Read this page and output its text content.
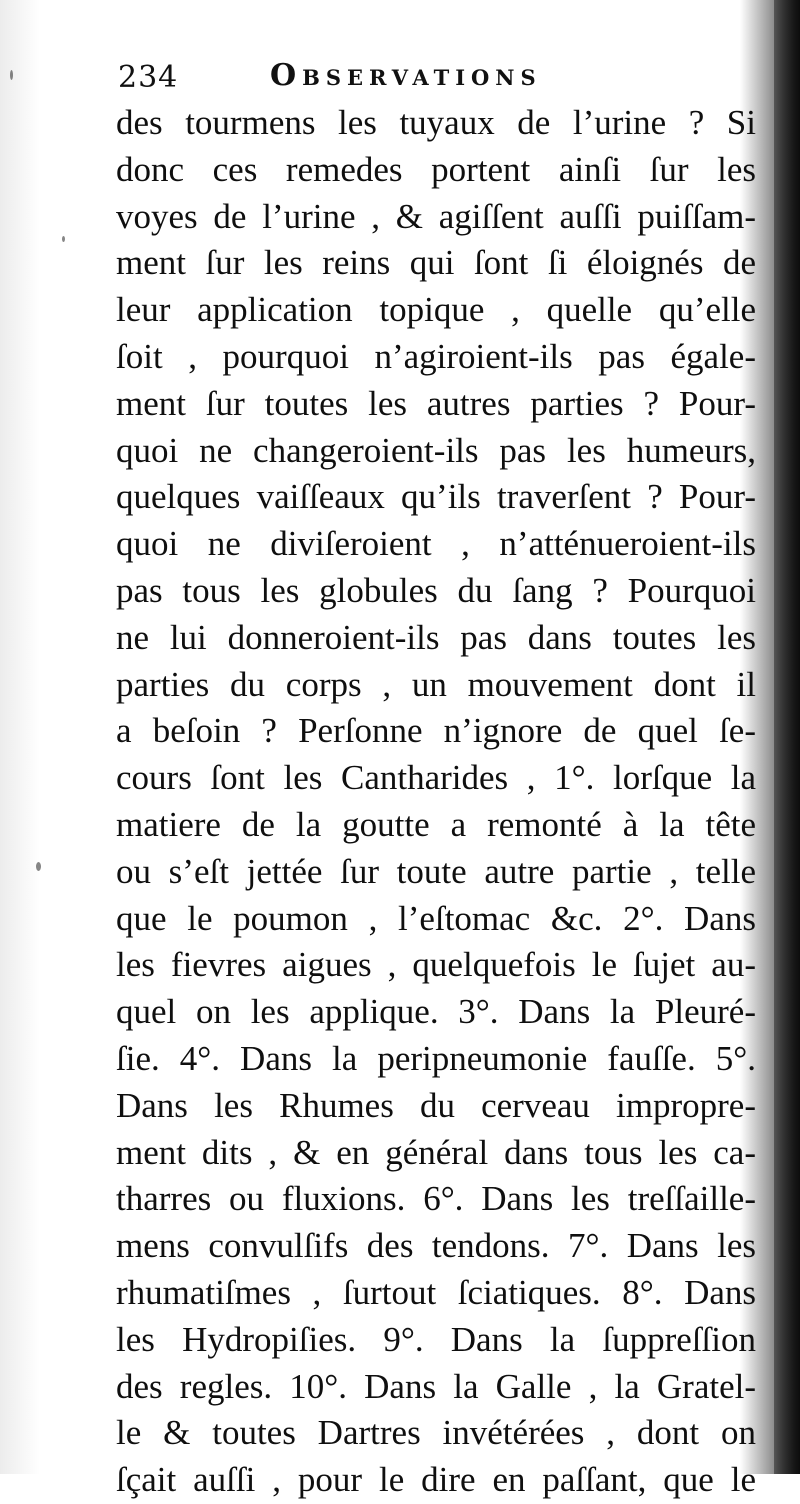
234	Observations
des tourmens les tuyaux de l’urine ? Si
donc ces remedes portent ainſi ſur les
voyes de l’urine , & agiſſent auſſi puiſſam-
ment ſur les reins qui ſont ſi éloignés de
leur application topique , quelle qu’elle
ſoit , pourquoi n’agiroient-ils pas égale-
ment ſur toutes les autres parties ? Pour-
quoi ne changeroient-ils pas les humeurs,
quelques vaiſſeaux qu’ils traverſent ? Pour-
quoi ne diviſeroient , n’atténueroient-ils
pas tous les globules du ſang ? Pourquoi
ne lui donneroient-ils pas dans toutes les
parties du corps , un mouvement dont il
a beſoin ? Perſonne n’ignore de quel ſe-
cours ſont les Cantharides , 1°. lorſque la
matiere de la goutte a remonté à la tête
ou s’eſt jettée ſur toute autre partie , telle
que le poumon , l’eſtomac &c. 2°. Dans
les fievres aigues , quelquefois le ſujet au-
quel on les applique. 3°. Dans la Pleuré-
ſie. 4°. Dans la peripneumonie fauſſe. 5°.
Dans les Rhumes du cerveau impropre-
ment dits , & en général dans tous les ca-
tharres ou fluxions. 6°. Dans les treſſaille-
mens convulſifs des tendons. 7°. Dans les
rhumatiſmes , ſurtout ſciatiques. 8°. Dans
les Hydropiſies. 9°. Dans la ſuppreſſion
des regles. 10°. Dans la Galle , la Gratel-
le & toutes Dartres invétérées , dont on
ſçait auſſi , pour le dire en paſſant, que le
